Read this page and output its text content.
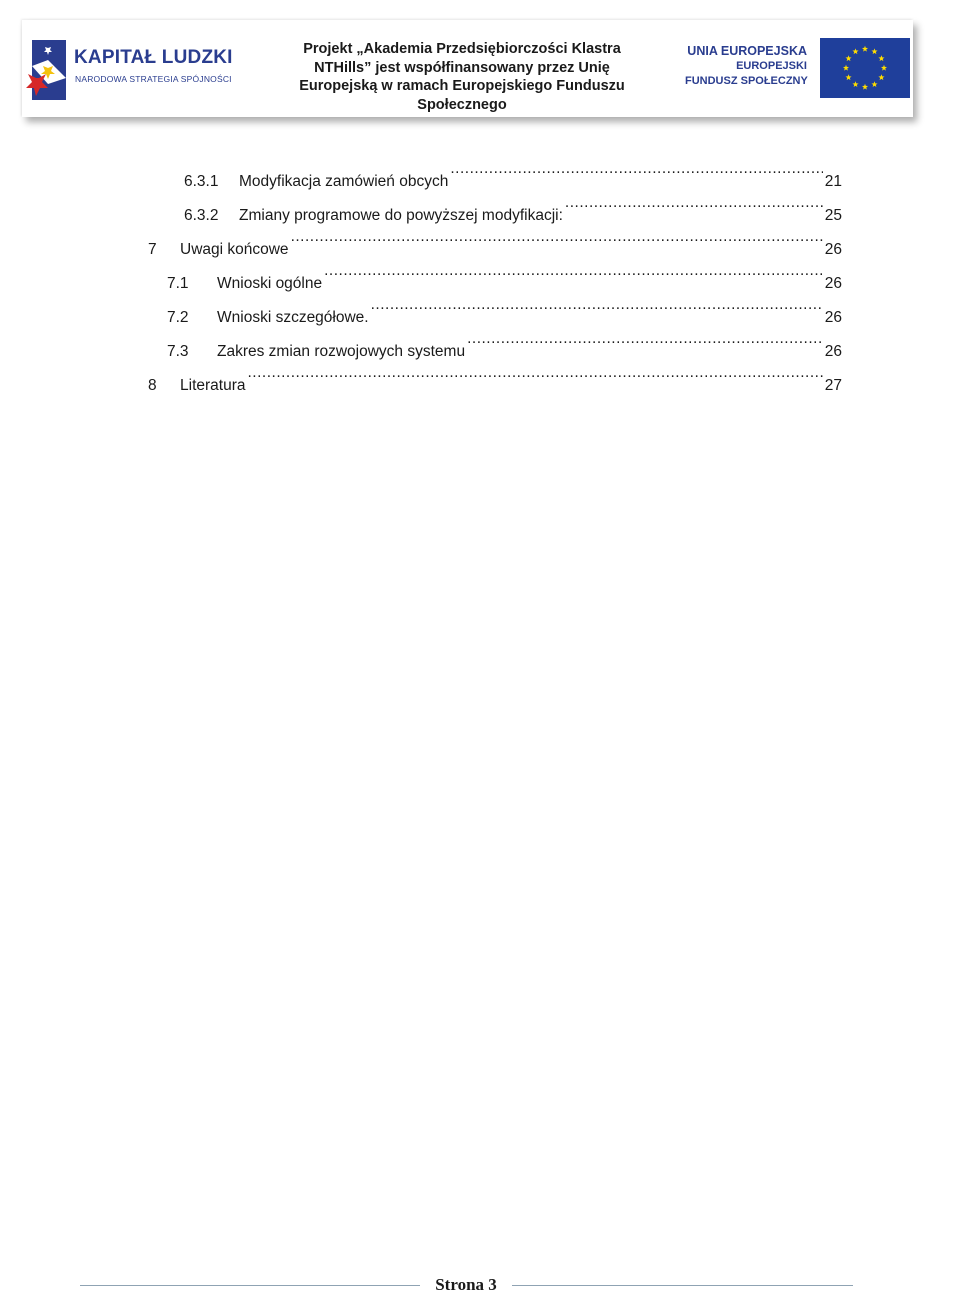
KAPITAŁ LUDZKI
NARODOWA STRATEGIA SPÓJNOŚCI
Projekt „Akademia Przedsiębiorczości Klastra
NTHills” jest współfinansowany przez Unię
Europejską w ramach Europejskiego Funduszu
Społecznego
UNIA EUROPEJSKA
EUROPEJSKI
FUNDUSZ SPOŁECZNY
6.3.1	Modyfikacja zamówień obcych .....	21
6.3.2	Zmiany programowe do powyższej modyfikacji: .....	25
7	Uwagi końcowe .....	26
7.1	Wnioski ogólne .....	26
7.2	Wnioski szczegółowe. .....	26
7.3	Zakres zmian rozwojowych systemu .....	26
8	Literatura .....	27
Strona 3
